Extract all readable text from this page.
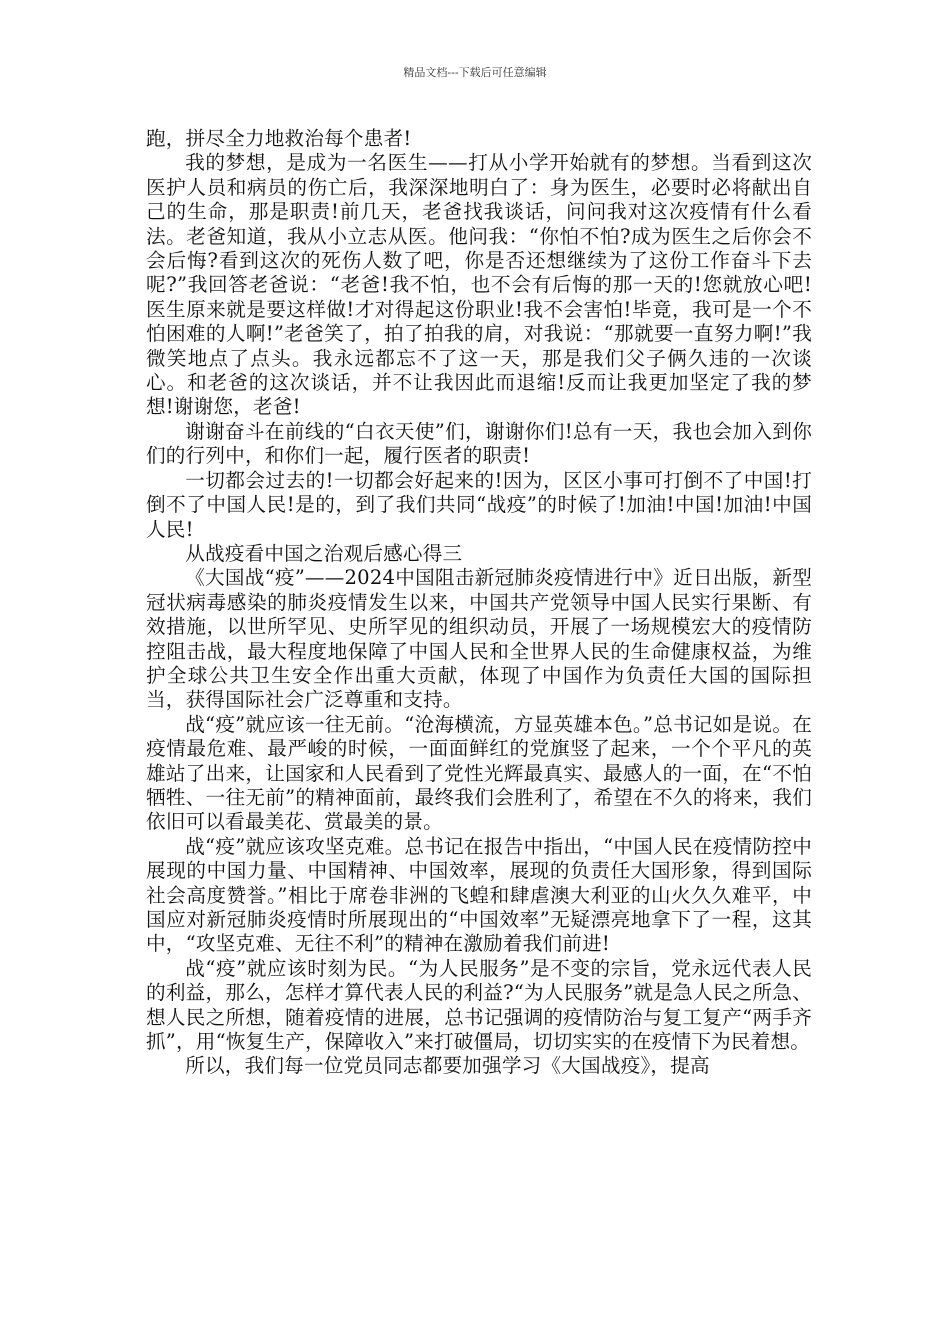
精品文档---下载后可任意编辑

跑，拼尽全力地救治每个患者!

我的梦想，是成为一名医生——打从小学开始就有的梦想。当看到这次医护人员和病员的伤亡后，我深深地明白了：身为医生，必要时必将献出自己的生命，那是职责!前几天，老爸找我谈话，问问我对这次疫情有什么看法。老爸知道，我从小立志从医。他问我：“你怕不怕?成为医生之后你会不会后悔?看到这次的死伤人数了吧，你是否还想继续为了这份工作奋斗下去呢?”我回答老爸说：“老爸!我不怕，也不会有后悔的那一天的!您就放心吧!医生原来就是要这样做!才对得起这份职业!我不会害怕!毕竟，我可是一个不怕困难的人啊!”老爸笑了，拍了拍我的肩，对我说：“那就要一直努力啊!”我微笑地点了点头。我永远都忘不了这一天，那是我们父子俩久违的一次谈心。和老爸的这次谈话，并不让我因此而退缩!反而让我更加坚定了我的梦想!谢谢您，老爸!

谢谢奋斗在前线的“白衣天使”们，谢谢你们!总有一天，我也会加入到你们的行列中，和你们一起，履行医者的职责!

一切都会过去的!一切都会好起来的!因为，区区小事可打倒不了中国!打倒不了中国人民!是的，到了我们共同“战疫”的时候了!加油!中国!加油!中国人民!

从战疫看中国之治观后感心得三

《大国战“疫”——2024中国阻击新冠肺炎疫情进行中》近日出版，新型冠状病毒感染的肺炎疫情发生以来，中国共产党领导中国人民实行果断、有效措施，以世所罕见、史所罕见的组织动员，开展了一场规模宏大的疫情防控阻击战，最大程度地保障了中国人民和全世界人民的生命健康权益，为维护全球公共卫生安全作出重大贡献，体现了中国作为负责任大国的国际担当，获得国际社会广泛尊重和支持。

战“疫”就应该一往无前。“沧海横流，方显英雄本色。”总书记如是说。在疫情最危难、最严峻的时候，一面面鲜红的党旗竖了起来，一个个平凡的英雄站了出来，让国家和人民看到了党性光辉最真实、最感人的一面，在“不怕牺牲、一往无前”的精神面前，最终我们会胜利了，希望在不久的将来，我们依旧可以看最美花、赏最美的景。

战“疫”就应该攻坚克难。总书记在报告中指出，“中国人民在疫情防控中展现的中国力量、中国精神、中国效率，展现的负责任大国形象，得到国际社会高度赞誉。”相比于席卷非洲的飞蝗和肆虐澳大利亚的山火久久难平，中国应对新冠肺炎疫情时所展现出的“中国效率”无疑漂亮地拿下了一程，这其中，“攻坚克难、无往不利”的精神在激励着我们前进!

战“疫”就应该时刻为民。“为人民服务”是不变的宗旨，党永远代表人民的利益，那么，怎样才算代表人民的利益?“为人民服务”就是急人民之所急、想人民之所想，随着疫情的进展，总书记强调的疫情防治与复工复产“两手齐抓”，用“恢复生产，保障收入”来打破僵局，切切实实的在疫情下为民着想。

所以，我们每一位党员同志都要加强学习《大国战疫》，提高
